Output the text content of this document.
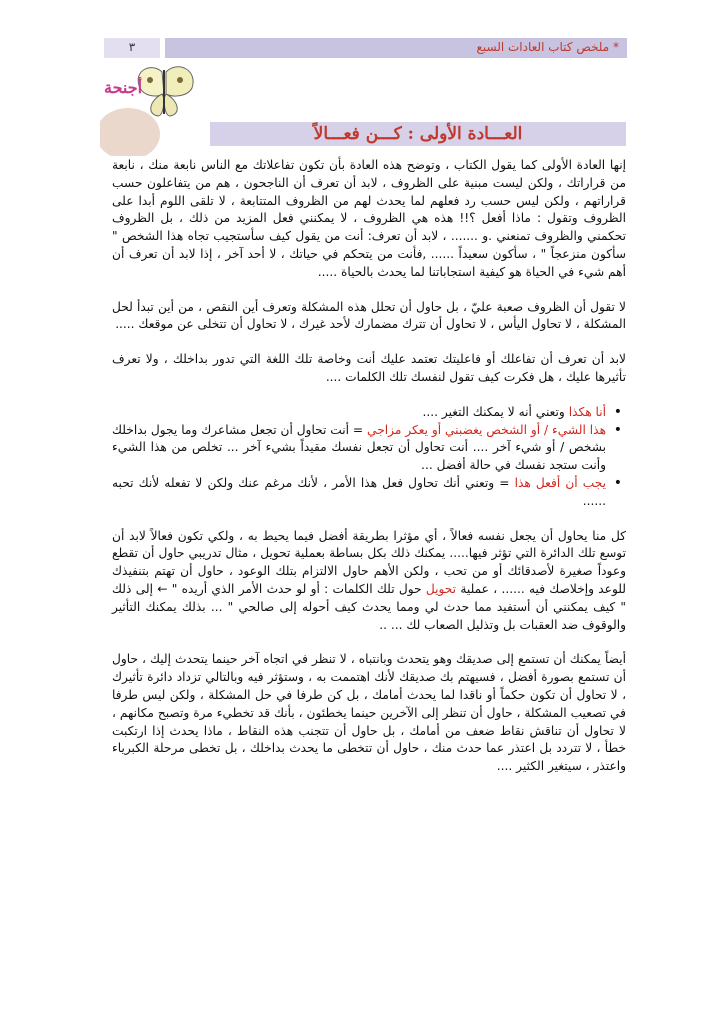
٣	* ملخص كتاب العادات السبع
أجنحة
العـــادة الأولى : كـــن فعـــالاً

إنها العادة الأولى كما يقول الكتاب ، وتوضح هذه العادة بأن تكون تفاعلاتك مع الناس نابعة منك ، نابعة من قراراتك ، ولكن ليست مبنية على الظروف ، لابد أن تعرف أن الناجحون ، هم من يتفاعلون حسب قراراتهم ، ولكن ليس حسب رد فعلهم لما يحدث لهم من الظروف المتتابعة ، لا تلقى اللوم أبدا على الظروف وتقول : ماذا أفعل ؟!! هذه هي الظروف ، لا يمكنني فعل المزيد من ذلك ، بل الظروف تحكمني والظروف تمنعني .و ....... ، لابد أن تعرف: أنت من يقول كيف سأستجيب تجاه هذا الشخص " سأكون منزعجاً " ، سأكون سعيداً ...... ,فأنت من يتحكم في حياتك ، لا أحد آخر ، إذا لابد أن تعرف أن أهم شيء في الحياة هو كيفية استجاباتنا لما يحدث بالحياة .....

لا تقول أن الظروف صعبة عليّ ، بل حاول أن تحلل هذه المشكلة وتعرف أين النقص ، من أين تبدأ لحل المشكلة ، لا تحاول اليأس ، لا تحاول أن تترك مضمارك لأحد غيرك ، لا تحاول أن تتخلى عن موقعك .....

لابد أن تعرف أن تفاعلك أو فاعليتك تعتمد عليك أنت وخاصة تلك اللغة التي تدور بداخلك ، ولا تعرف تأثيرها عليك ، هل فكرت كيف تقول لنفسك تلك الكلمات ....

• أنا هكذا وتعني أنه لا يمكنك التغير ....
• هذا الشيء / أو الشخص يغضبني أو يعكر مزاجي = أنت تحاول أن تجعل مشاعرك وما يجول بداخلك بشخص / أو شيء آخر .... أنت تحاول أن تجعل نفسك مقيداً بشيء آخر ... تخلص من هذا الشيء وأنت ستجد نفسك في حالة أفضل ...
• يجب أن أفعل هذا = وتعني أنك تحاول فعل هذا الأمر ، لأنك مرغم عنك ولكن لا تفعله لأنك تحبه ......

كل منا يحاول أن يجعل نفسه فعالاً ، أي مؤثرا بطريقة أفضل فيما يحيط به ، ولكي تكون فعالاً لابد أن توسع تلك الدائرة التي تؤثر فيها..... يمكنك ذلك بكل بساطة بعملية تحويل ، مثال تدريبي حاول أن تقطع وعوداً صغيرة لأصدقائك أو من تحب ، ولكن الأهم حاول الالتزام بتلك الوعود ، حاول أن تهتم بتنفيذك للوعد وإخلاصك فيه ...... ، عملية تحويل حول تلك الكلمات : أو لو حدث الأمر الذي أريده " ← إلى ذلك " كيف يمكنني أن أستفيد مما حدث لي ومما يحدث كيف أحوله إلى صالحي " ... بذلك يمكنك التأثير والوقوف ضد العقبات بل وتذليل الصعاب لك ... ..

أيضاً يمكنك أن تستمع إلى صديقك وهو يتحدث وبانتباه ، لا تنظر في اتجاه آخر حينما يتحدث إليك ، حاول أن تستمع بصورة أفضل ، فسيهتم بك صديقك لأنك اهتممت به ، وستؤثر فيه وبالتالي تزداد دائرة تأثيرك ، لا تحاول أن تكون حكماً أو ناقدا لما يحدث أمامك ، بل كن طرفا في حل المشكلة ، ولكن ليس طرفا في تصعيب المشكلة ، حاول أن تنظر إلى الآخرين حينما يخطئون ، بأنك قد تخطيء مرة وتصبح مكانهم ، لا تحاول أن تناقش نقاط ضعف من أمامك ، بل حاول أن تتجنب هذه النقاط ، ماذا يحدث إذا ارتكبت خطأ ، لا تتردد بل اعتذر عما حدث منك ، حاول أن تتخطى ما يحدث بداخلك ، بل تخطى مرحلة الكبرياء واعتذر ، سيتغير الكثير ....
